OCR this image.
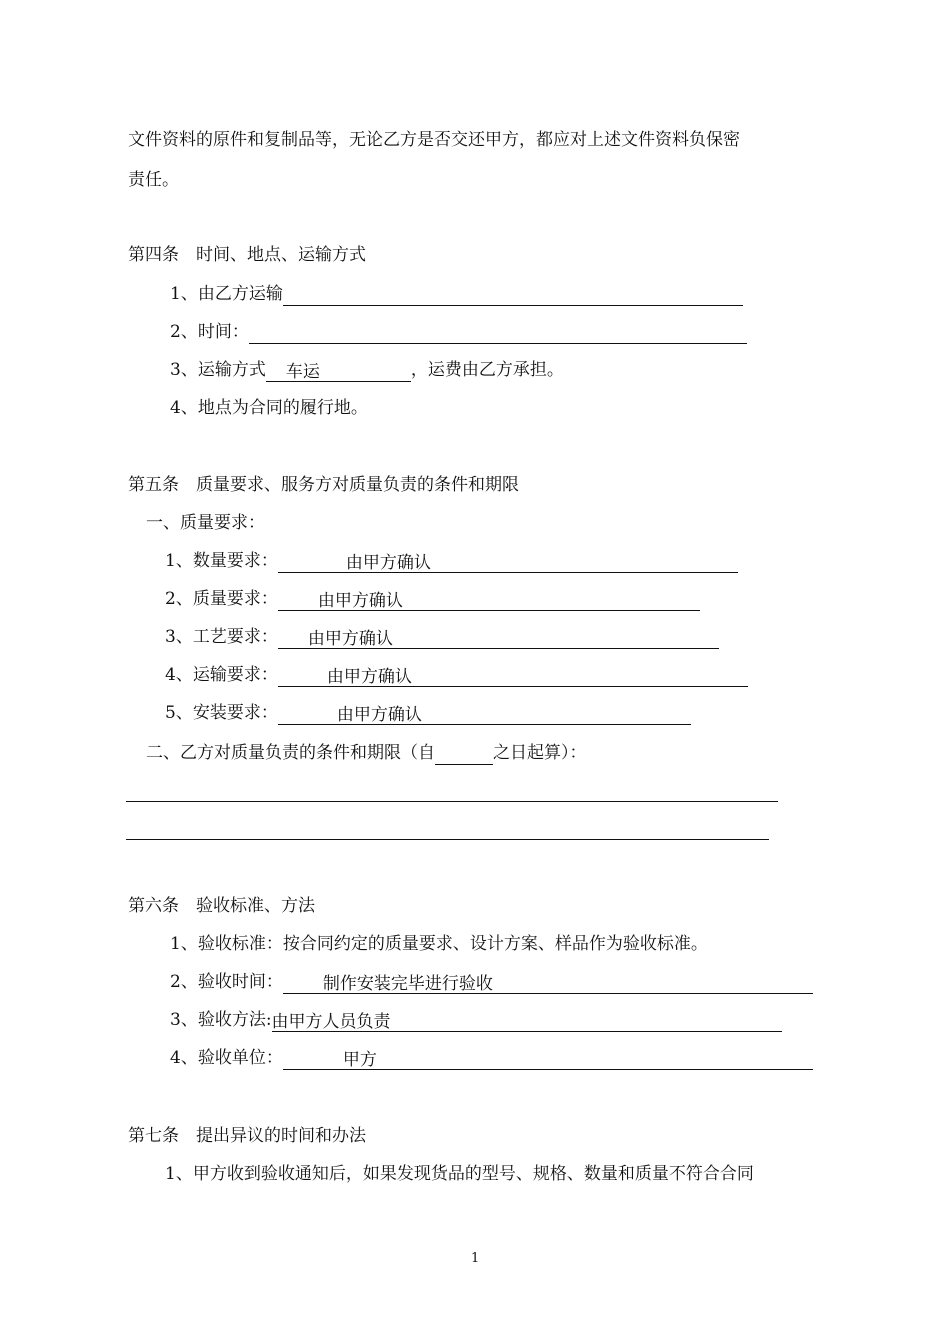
文件资料的原件和复制品等，无论乙方是否交还甲方，都应对上述文件资料负保密
责任。
第四条　时间、地点、运输方式
1、由乙方运输
2、时间：
3、运输方式 车运	，运费由乙方承担。
4、地点为合同的履行地。
第五条　质量要求、服务方对质量负责的条件和期限
一、质量要求：
1、数量要求：	由甲方确认
2、质量要求： 由甲方确认
3、工艺要求： 由甲方确认
4、运输要求：	由甲方确认
5、安装要求：	由甲方确认
二、乙方对质量负责的条件和期限（自	之日起算）：
第六条　验收标准、方法
1、验收标准：按合同约定的质量要求、设计方案、样品作为验收标准。
2、验收时间： 制作安装完毕进行验收
3、验收方法:由甲方人员负责
4、验收单位：	甲方
第七条　提出异议的时间和办法
1、甲方收到验收通知后，如果发现货品的型号、规格、数量和质量不符合合同
1
